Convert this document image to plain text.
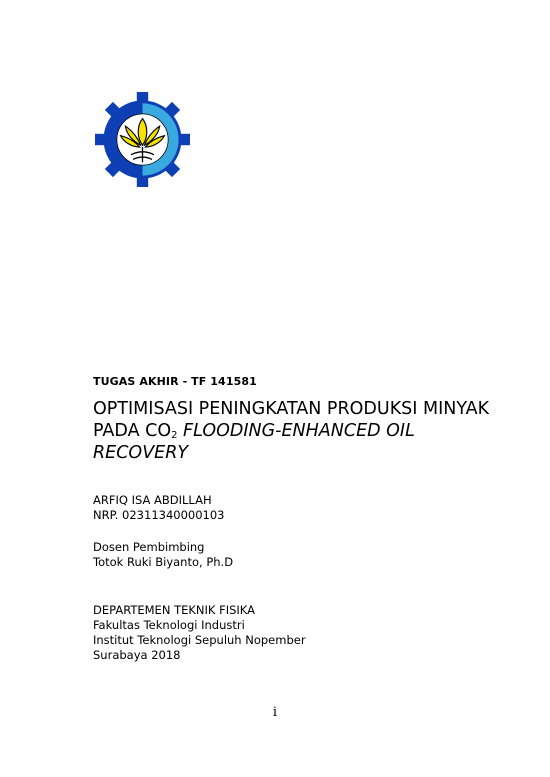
TUGAS AKHIR - TF 141581
OPTIMISASI PENINGKATAN PRODUKSI MINYAK
PADA $CO_2$ FLOODING-ENHANCED OIL
RECOVERY
ARFIQ ISA ABDILLAH
NRP. 02311340000103
Dosen Pembimbing
Totok Ruki Biyanto, Ph.D
DEPARTEMEN TEKNIK FISIKA
Fakultas Teknologi Industri
Institut Teknologi Sepuluh Nopember
Surabaya 2018
i
